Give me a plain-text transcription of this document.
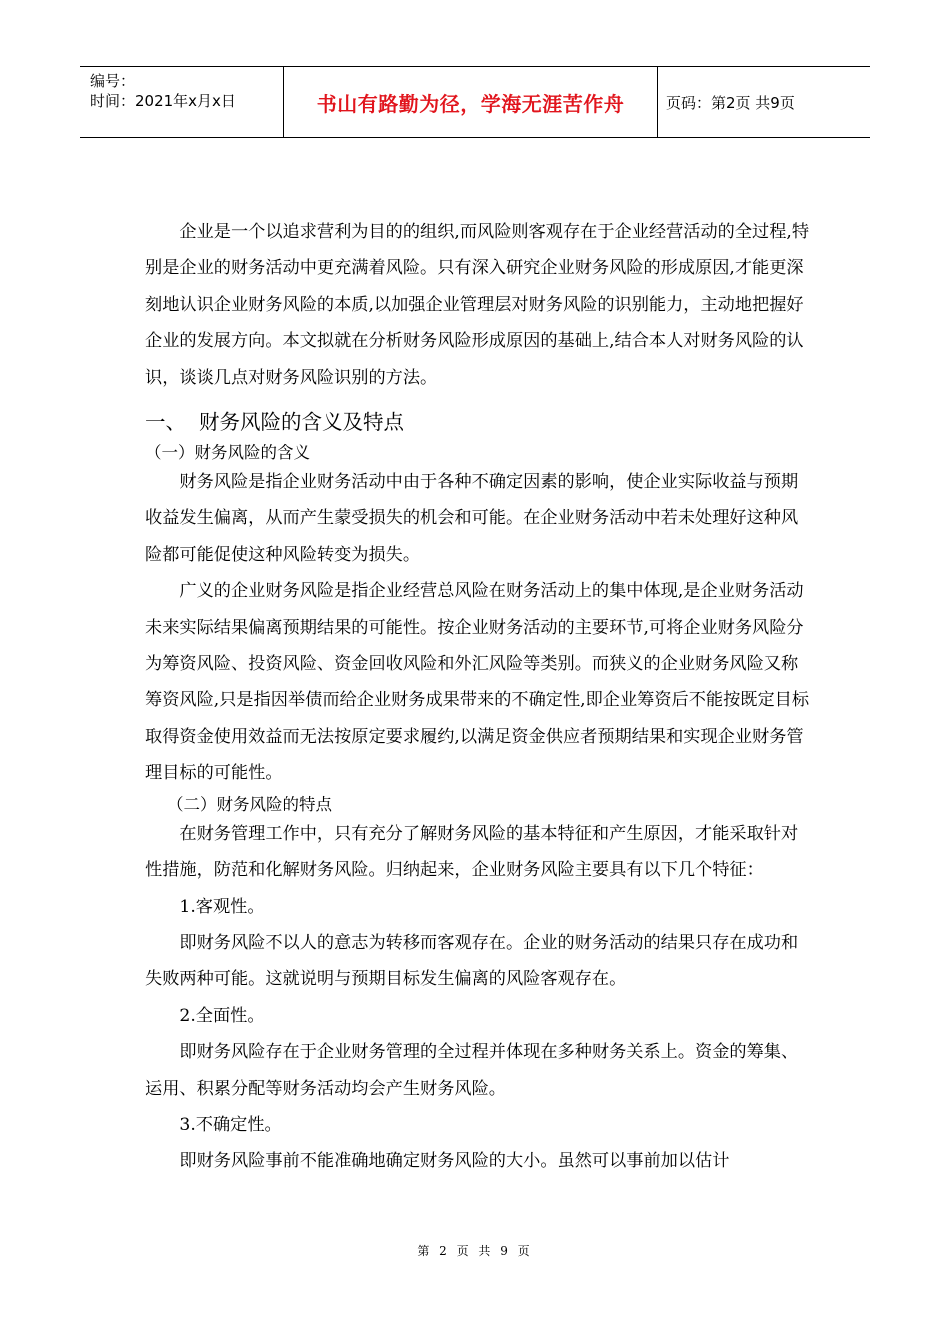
编号：
时间：2021年x月x日	书山有路勤为径，学海无涯苦作舟	页码：第2页 共9页

企业是一个以追求营利为目的的组织,而风险则客观存在于企业经营活动的全过程,特别是企业的财务活动中更充满着风险。只有深入研究企业财务风险的形成原因,才能更深刻地认识企业财务风险的本质,以加强企业管理层对财务风险的识别能力，主动地把握好企业的发展方向。本文拟就在分析财务风险形成原因的基础上,结合本人对财务风险的认识，谈谈几点对财务风险识别的方法。

一、  财务风险的含义及特点

（一）财务风险的含义

财务风险是指企业财务活动中由于各种不确定因素的影响，使企业实际收益与预期收益发生偏离，从而产生蒙受损失的机会和可能。在企业财务活动中若未处理好这种风险都可能促使这种风险转变为损失。

广义的企业财务风险是指企业经营总风险在财务活动上的集中体现,是企业财务活动未来实际结果偏离预期结果的可能性。按企业财务活动的主要环节,可将企业财务风险分为筹资风险、投资风险、资金回收风险和外汇风险等类别。而狭义的企业财务风险又称筹资风险,只是指因举债而给企业财务成果带来的不确定性,即企业筹资后不能按既定目标取得资金使用效益而无法按原定要求履约,以满足资金供应者预期结果和实现企业财务管理目标的可能性。

（二）财务风险的特点

在财务管理工作中，只有充分了解财务风险的基本特征和产生原因，才能采取针对性措施，防范和化解财务风险。归纳起来，企业财务风险主要具有以下几个特征：

1.客观性。

即财务风险不以人的意志为转移而客观存在。企业的财务活动的结果只存在成功和失败两种可能。这就说明与预期目标发生偏离的风险客观存在。

2.全面性。

即财务风险存在于企业财务管理的全过程并体现在多种财务关系上。资金的筹集、运用、积累分配等财务活动均会产生财务风险。

3.不确定性。

即财务风险事前不能准确地确定财务风险的大小。虽然可以事前加以估计

第 2 页 共 9 页
